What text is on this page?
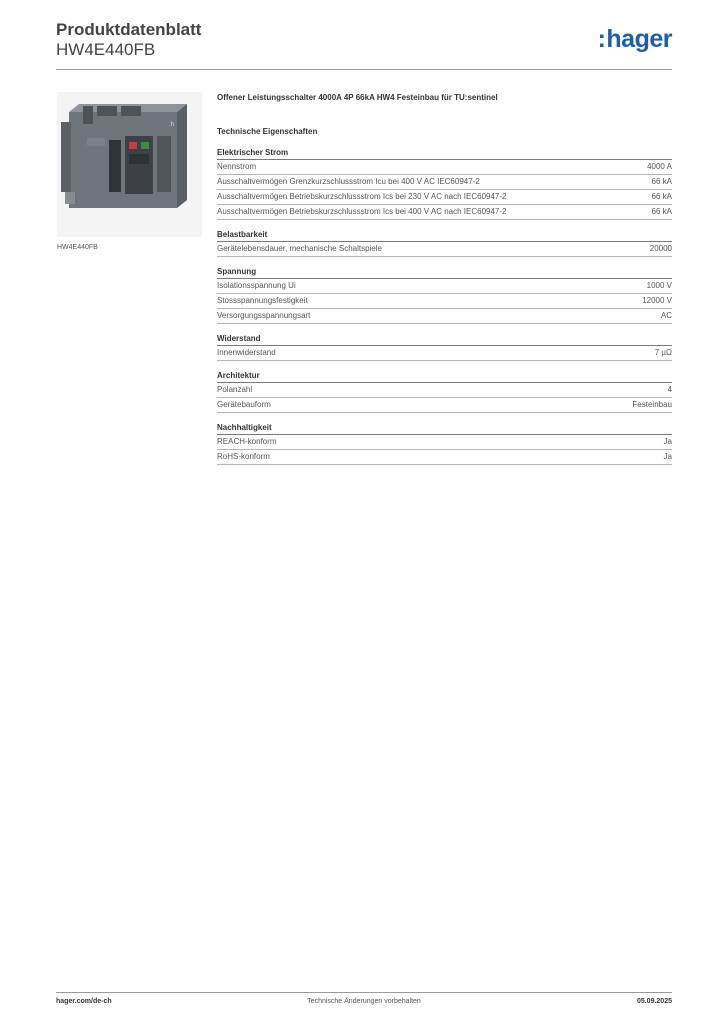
Produktdatenblatt

HW4E440FB	:hager
:h
HW4E440FB
Offener Leistungsschalter 4000A 4P 66kA HW4 Festeinbau für TU:sentinel
Technische Eigenschaften
Elektrischer Strom
Nennstrom	4000 A
Ausschaltvermögen Grenzkurzschlussstrom Icu bei 400 V AC IEC60947-2	66 kA
Ausschaltvermögen Betriebskurzschlussstrom Ics bei 230 V AC nach IEC60947-2	66 kA
Ausschaltvermögen Betriebskurzschlussstrom Ics bei 400 V AC nach IEC60947-2	66 kA
Belastbarkeit
Gerätelebensdauer, mechanische Schaltspiele	20000
Spannung
Isolationsspannung Ui	1000 V
Stossspannungsfestigkeit	12000 V
Versorgungsspannungsart	AC
Widerstand
Innenwiderstand	7 µΩ
Architektur
Polanzahl	4
Gerätebauform	Festeinbau
Nachhaltigkeit
REACH-konform	Ja
RoHS-konform	Ja
hager.com/de-ch	Technische Änderungen vorbehalten	05.09.2025
